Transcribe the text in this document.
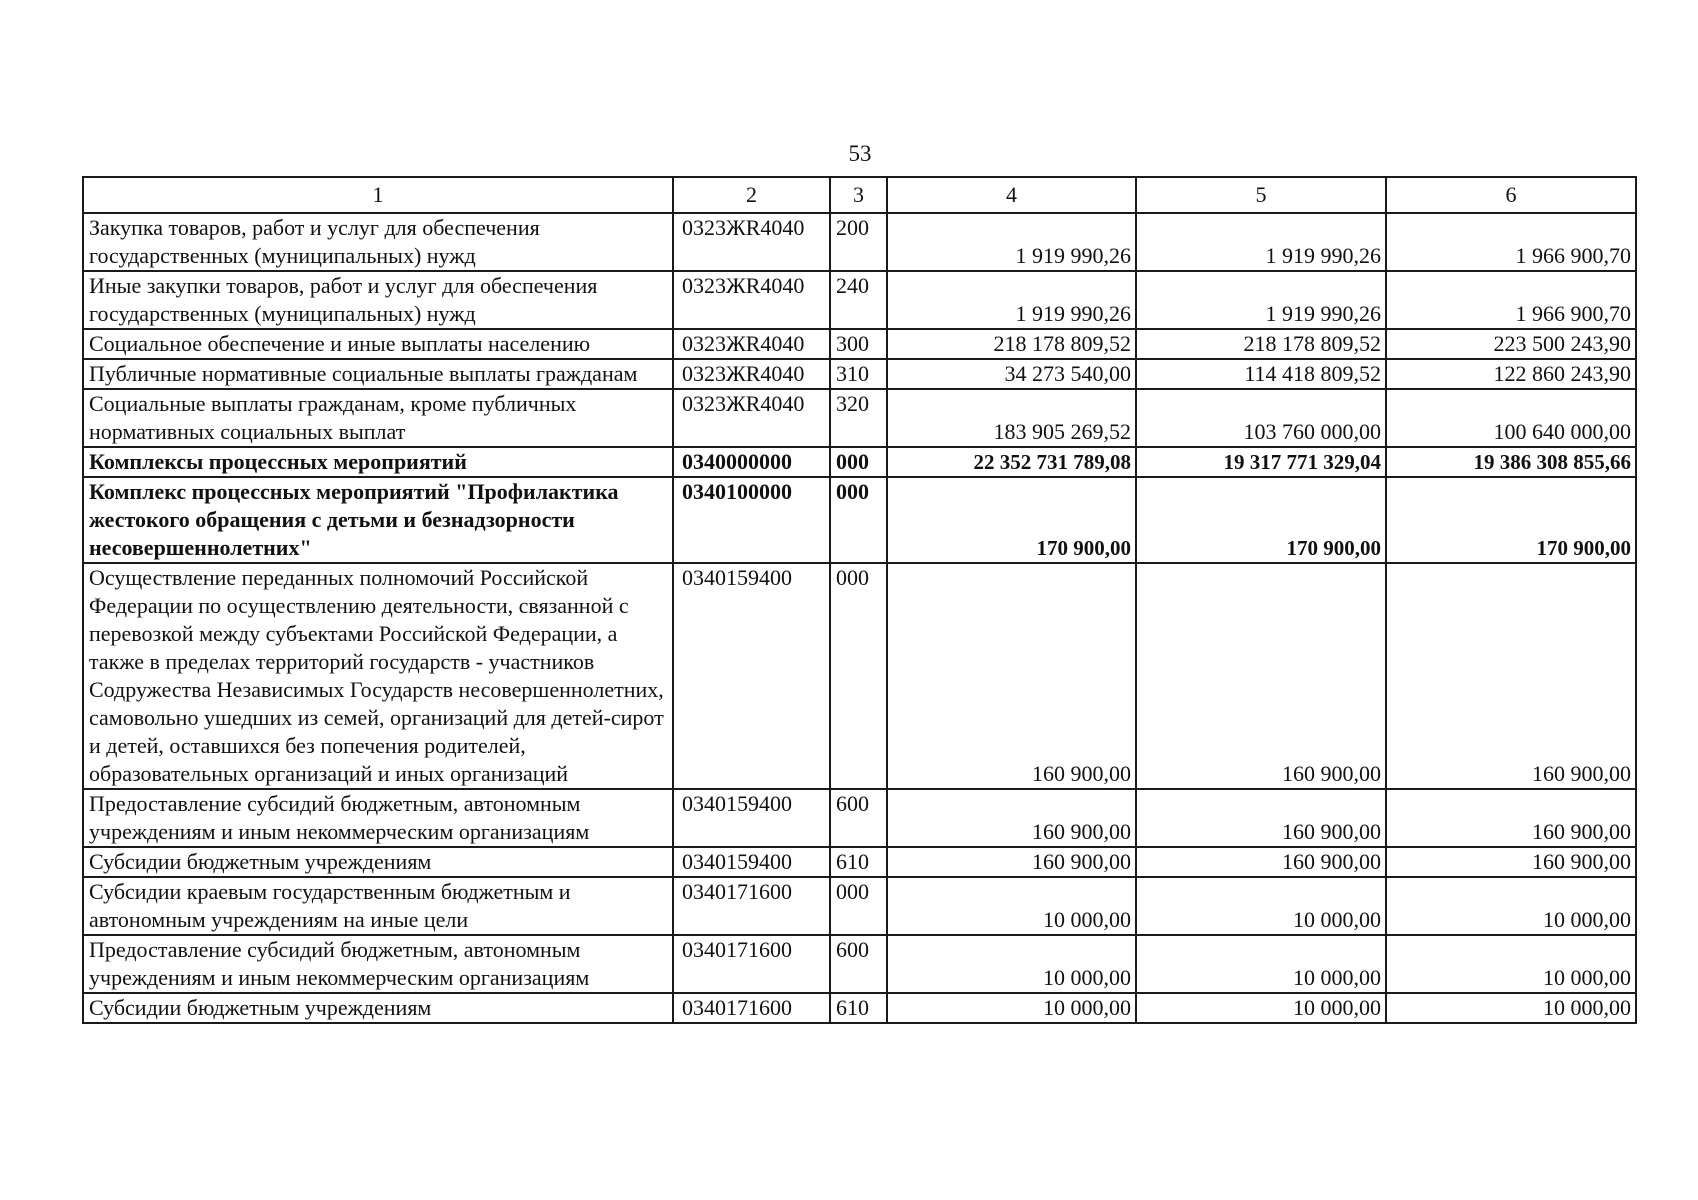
53
1	2	3	4	5	6
Закупка товаров, работ и услуг для обеспечения государственных (муниципальных) нужд	0323ЖR4040	200	1 919 990,26	1 919 990,26	1 966 900,70
Иные закупки товаров, работ и услуг для обеспечения государственных (муниципальных) нужд	0323ЖR4040	240	1 919 990,26	1 919 990,26	1 966 900,70
Социальное обеспечение и иные выплаты населению	0323ЖR4040	300	218 178 809,52	218 178 809,52	223 500 243,90
Публичные нормативные социальные выплаты гражданам	0323ЖR4040	310	34 273 540,00	114 418 809,52	122 860 243,90
Социальные выплаты гражданам, кроме публичных нормативных социальных выплат	0323ЖR4040	320	183 905 269,52	103 760 000,00	100 640 000,00
Комплексы процессных мероприятий	0340000000	000	22 352 731 789,08	19 317 771 329,04	19 386 308 855,66
Комплекс процессных мероприятий "Профилактика жестокого обращения с детьми и безнадзорности несовершеннолетних"	0340100000	000	170 900,00	170 900,00	170 900,00
Осуществление переданных полномочий Российской Федерации по осуществлению деятельности, связанной с перевозкой между субъектами Российской Федерации, а также в пределах территорий государств - участников Содружества Независимых Государств несовершеннолетних, самовольно ушедших из семей, организаций для детей-сирот и детей, оставшихся без попечения родителей, образовательных организаций и иных организаций	0340159400	000	160 900,00	160 900,00	160 900,00
Предоставление субсидий бюджетным, автономным учреждениям и иным некоммерческим организациям	0340159400	600	160 900,00	160 900,00	160 900,00
Субсидии бюджетным учреждениям	0340159400	610	160 900,00	160 900,00	160 900,00
Субсидии краевым государственным бюджетным и автономным учреждениям на иные цели	0340171600	000	10 000,00	10 000,00	10 000,00
Предоставление субсидий бюджетным, автономным учреждениям и иным некоммерческим организациям	0340171600	600	10 000,00	10 000,00	10 000,00
Субсидии бюджетным учреждениям	0340171600	610	10 000,00	10 000,00	10 000,00
